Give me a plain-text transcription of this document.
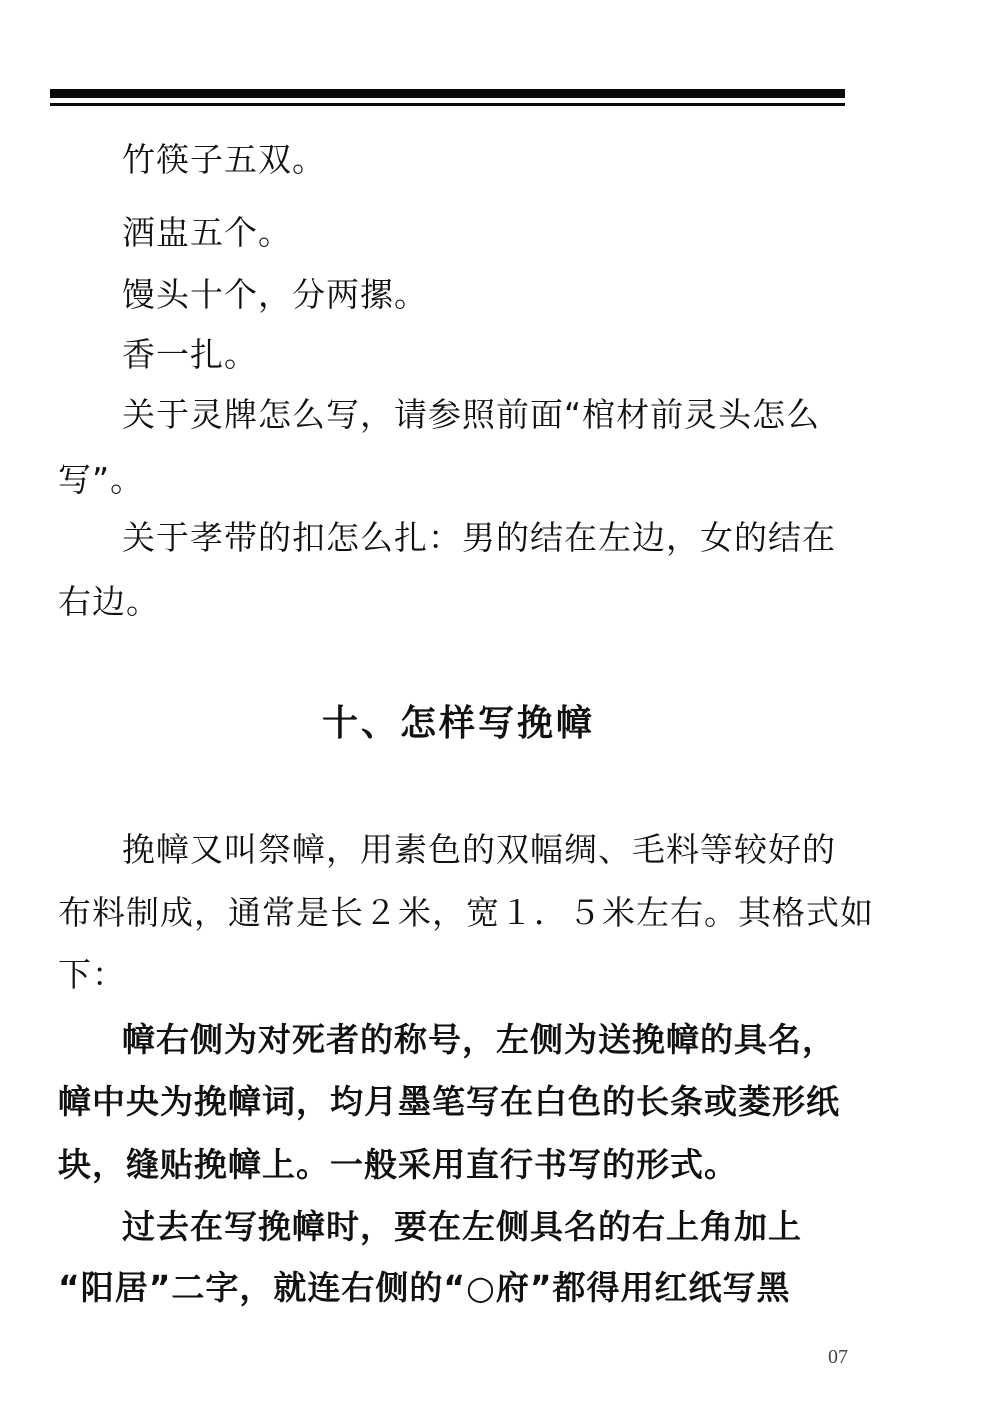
竹筷子五双。
酒盅五个。
馒头十个，分两摞。
香一扎。
关于灵牌怎么写，请参照前面“棺材前灵头怎么
写”。
关于孝带的扣怎么扎：男的结在左边，女的结在
右边。
十、怎样写挽幛
挽幛又叫祭幛，用素色的双幅绸、毛料等较好的
布料制成，通常是长２米，宽１．５米左右。其格式如
下：
幛右侧为对死者的称号，左侧为送挽幛的具名，
幛中央为挽幛词，均月墨笔写在白色的长条或菱形纸
块，缝贴挽幛上。一般采用直行书写的形式。
过去在写挽幛时，要在左侧具名的右上角加上
“阳居”二字，就连右侧的“○府”都得用红纸写黑
07
